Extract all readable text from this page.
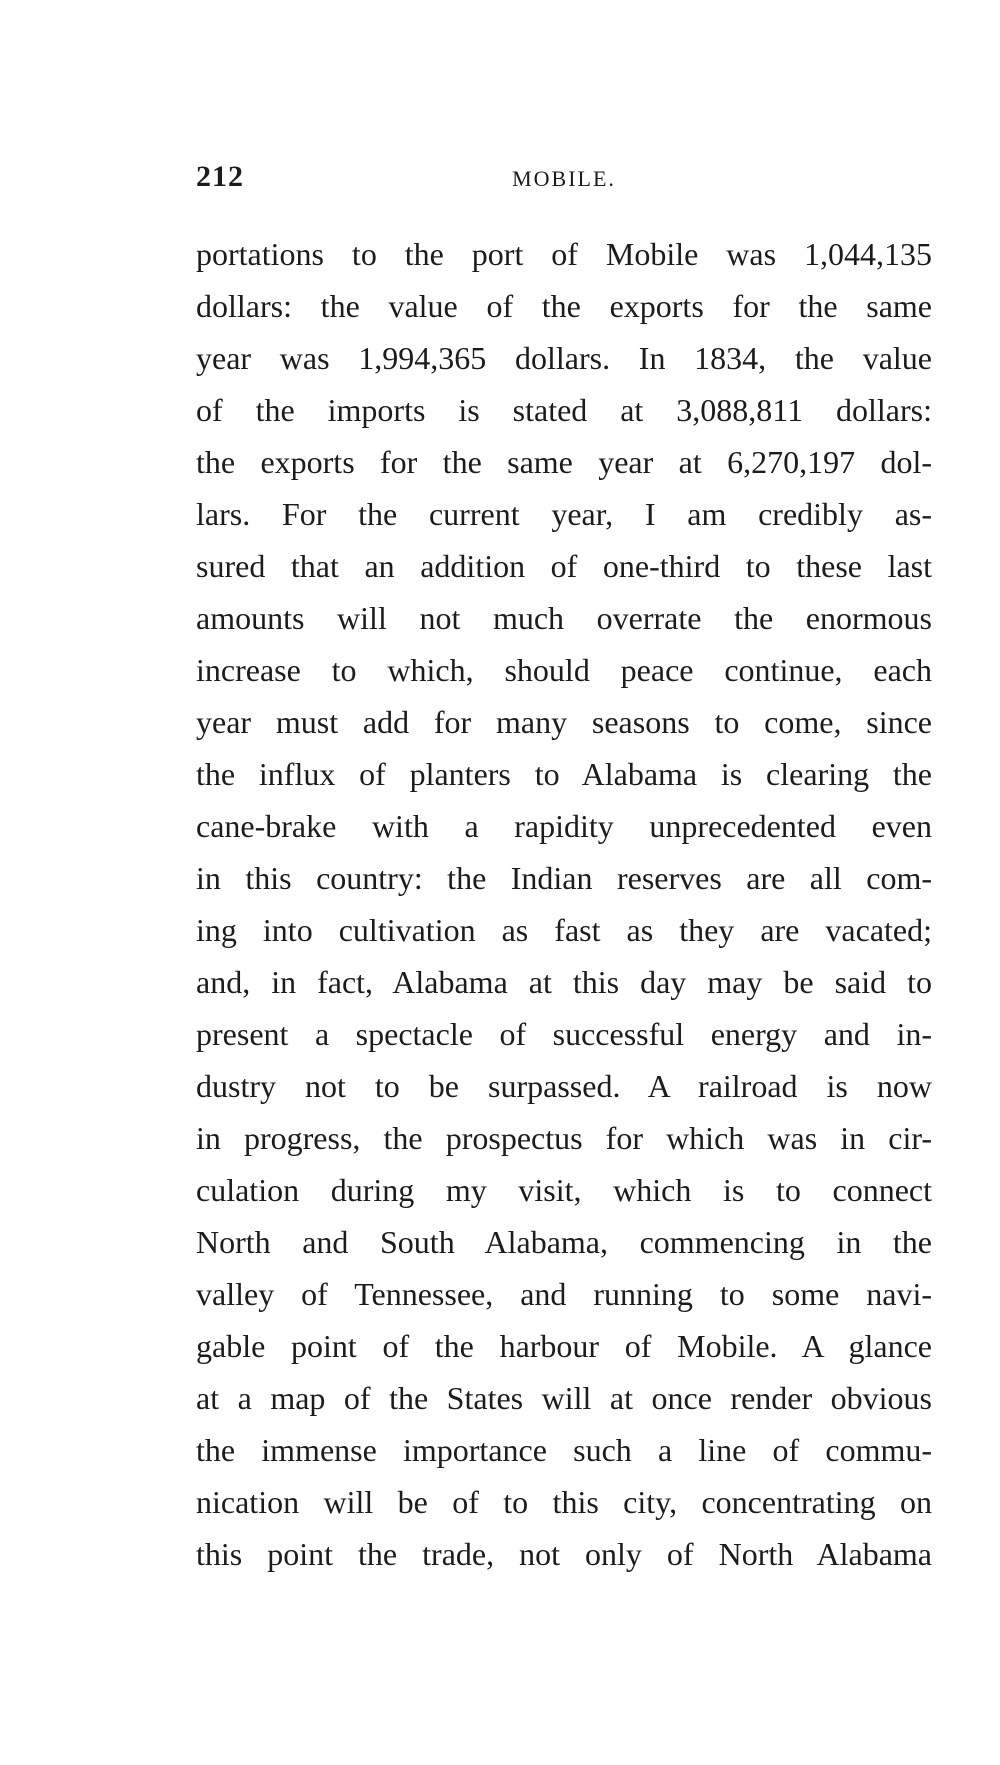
212	MOBILE.
portations to the port of Mobile was 1,044,135
dollars: the value of the exports for the same
year was 1,994,365 dollars. In 1834, the value
of the imports is stated at 3,088,811 dollars:
the exports for the same year at 6,270,197 dol-
lars. For the current year, I am credibly as-
sured that an addition of one-third to these last
amounts will not much overrate the enormous
increase to which, should peace continue, each
year must add for many seasons to come, since
the influx of planters to Alabama is clearing the
cane-brake with a rapidity unprecedented even
in this country: the Indian reserves are all com-
ing into cultivation as fast as they are vacated;
and, in fact, Alabama at this day may be said to
present a spectacle of successful energy and in-
dustry not to be surpassed. A railroad is now
in progress, the prospectus for which was in cir-
culation during my visit, which is to connect
North and South Alabama, commencing in the
valley of Tennessee, and running to some navi-
gable point of the harbour of Mobile. A glance
at a map of the States will at once render obvious
the immense importance such a line of commu-
nication will be of to this city, concentrating on
this point the trade, not only of North Alabama
